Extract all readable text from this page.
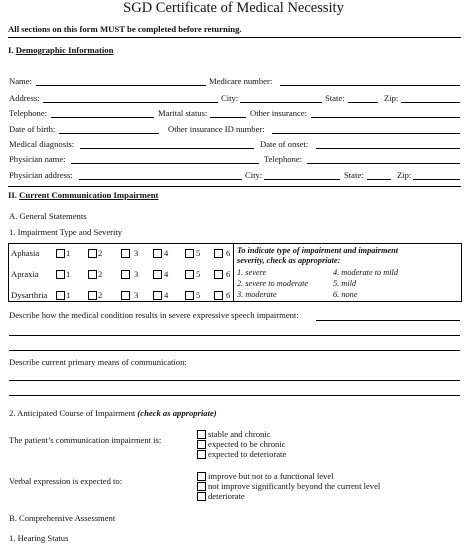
SGD Certificate of Medical Necessity
All sections on this form MUST be completed before returning.
I. Demographic Information
Name:	Medicare number:
Address:	City:	State:	Zip:
Telephone:	Marital status:	Other insurance:
Date of birth:	Other insurance ID number:
Medical diagnosis:	Date of onset:
Physician name:	Telephone:
Physician address:	City:	State:	Zip:
II. Current Communication Impairment
A. General Statements
1. Impairment Type and Severity
Aphasia	1	2	3	4	5	6
Apraxia	1	2	3	4	5	6
Dysarthria 1	2	3	4	5	6
To indicate type of impairment and impairment
severity, check as appropriate:
1. severe	4. moderate to mild
2. severe to moderate	5. mild
3. moderate	6. none
Describe how the medical condition results in severe expressive speech impairment:
Describe current primary means of communication:
2. Anticipated Course of Impairment (check as appropriate)
The patient’s communication impairment is:
stable and chronic
expected to be chronic
expected to deteriorate
Verbal expression is expected to:	improve but not to a functional level
not improve significantly beyond the current level
deteriorate
B. Comprehensive Assessment
1. Hearing Status
